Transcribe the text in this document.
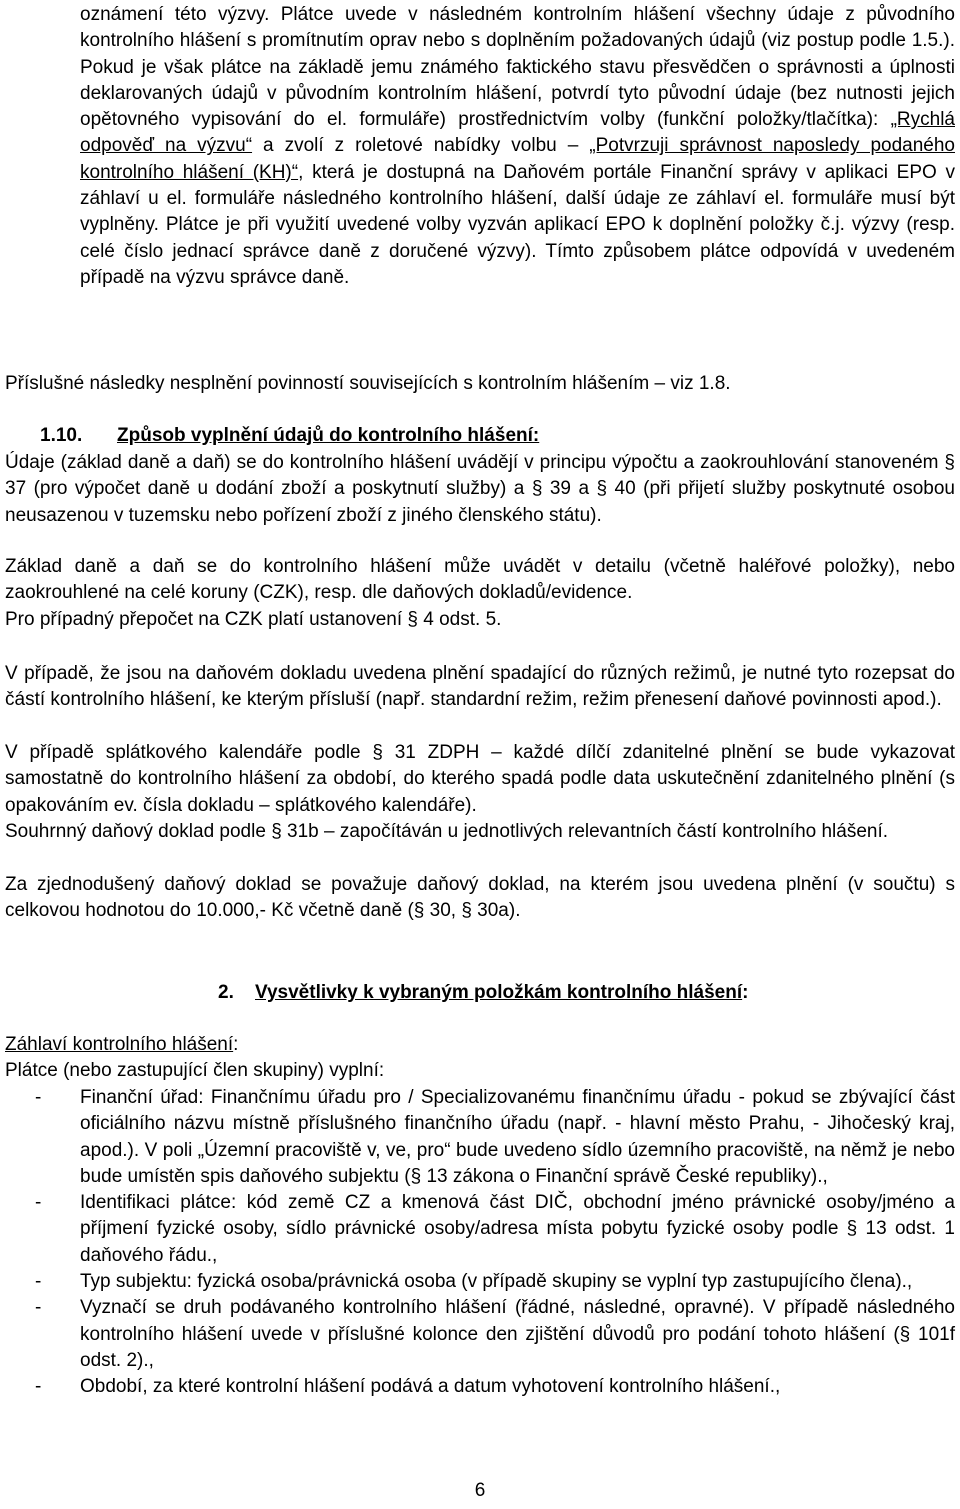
oznámení této výzvy. Plátce uvede v následném kontrolním hlášení všechny údaje z původního kontrolního hlášení s promítnutím oprav nebo s doplněním požadovaných údajů (viz postup podle 1.5.). Pokud je však plátce na základě jemu známého faktického stavu přesvědčen o správnosti a úplnosti deklarovaných údajů v původním kontrolním hlášení, potvrdí tyto původní údaje (bez nutnosti jejich opětovného vypisování do el. formuláře) prostřednictvím volby (funkční položky/tlačítka): „Rychlá odpověď na výzvu“ a zvolí z roletové nabídky volbu – „Potvrzuji správnost naposledy podaného kontrolního hlášení (KH)“, která je dostupná na Daňovém portále Finanční správy v aplikaci EPO v záhlaví u el. formuláře následného kontrolního hlášení, další údaje ze záhlaví el. formuláře musí být vyplněny. Plátce je při využití uvedené volby vyzván aplikací EPO k doplnění položky č.j. výzvy (resp. celé číslo jednací správce daně z doručené výzvy). Tímto způsobem plátce odpovídá v uvedeném případě na výzvu správce daně.

Příslušné následky nesplnění povinností souvisejících s kontrolním hlášením – viz 1.8.

1.10. Způsob vyplnění údajů do kontrolního hlášení:

Údaje (základ daně a daň) se do kontrolního hlášení uvádějí v principu výpočtu a zaokrouhlování stanoveném § 37 (pro výpočet daně u dodání zboží a poskytnutí služby) a § 39 a § 40 (při přijetí služby poskytnuté osobou neusazenou v tuzemsku nebo pořízení zboží z jiného členského státu).

Základ daně a daň se do kontrolního hlášení může uvádět v detailu (včetně haléřové položky), nebo zaokrouhlené na celé koruny (CZK), resp. dle daňových dokladů/evidence.

Pro případný přepočet na CZK platí ustanovení § 4 odst. 5.

V případě, že jsou na daňovém dokladu uvedena plnění spadající do různých režimů, je nutné tyto rozepsat do částí kontrolního hlášení, ke kterým přísluší (např. standardní režim, režim přenesení daňové povinnosti apod.).

V případě splátkového kalendáře podle § 31 ZDPH – každé dílčí zdanitelné plnění se bude vykazovat samostatně do kontrolního hlášení za období, do kterého spadá podle data uskutečnění zdanitelného plnění (s opakováním ev. čísla dokladu – splátkového kalendáře).

Souhrnný daňový doklad podle § 31b – započítáván u jednotlivých relevantních částí kontrolního hlášení.

Za zjednodušený daňový doklad se považuje daňový doklad, na kterém jsou uvedena plnění (v součtu) s celkovou hodnotou do 10.000,- Kč včetně daně (§ 30, § 30a).

2. Vysvětlivky k vybraným položkám kontrolního hlášení:

Záhlaví kontrolního hlášení:

Plátce (nebo zastupující člen skupiny) vyplní:

- Finanční úřad: Finančnímu úřadu pro / Specializovanému finančnímu úřadu - pokud se zbývající část oficiálního názvu místně příslušného finančního úřadu (např. - hlavní město Prahu, - Jihočeský kraj, apod.). V poli „Územní pracoviště v, ve, pro“ bude uvedeno sídlo územního pracoviště, na němž je nebo bude umístěn spis daňového subjektu (§ 13 zákona o Finanční správě České republiky).,
- Identifikaci plátce: kód země CZ a kmenová část DIČ, obchodní jméno právnické osoby/jméno a příjmení fyzické osoby, sídlo právnické osoby/adresa místa pobytu fyzické osoby podle § 13 odst. 1 daňového řádu.,
- Typ subjektu: fyzická osoba/právnická osoba (v případě skupiny se vyplní typ zastupujícího člena).,
- Vyznačí se druh podávaného kontrolního hlášení (řádné, následné, opravné). V případě následného kontrolního hlášení uvede v příslušné kolonce den zjištění důvodů pro podání tohoto hlášení (§ 101f odst. 2).,
- Období, za které kontrolní hlášení podává a datum vyhotovení kontrolního hlášení.,
6
